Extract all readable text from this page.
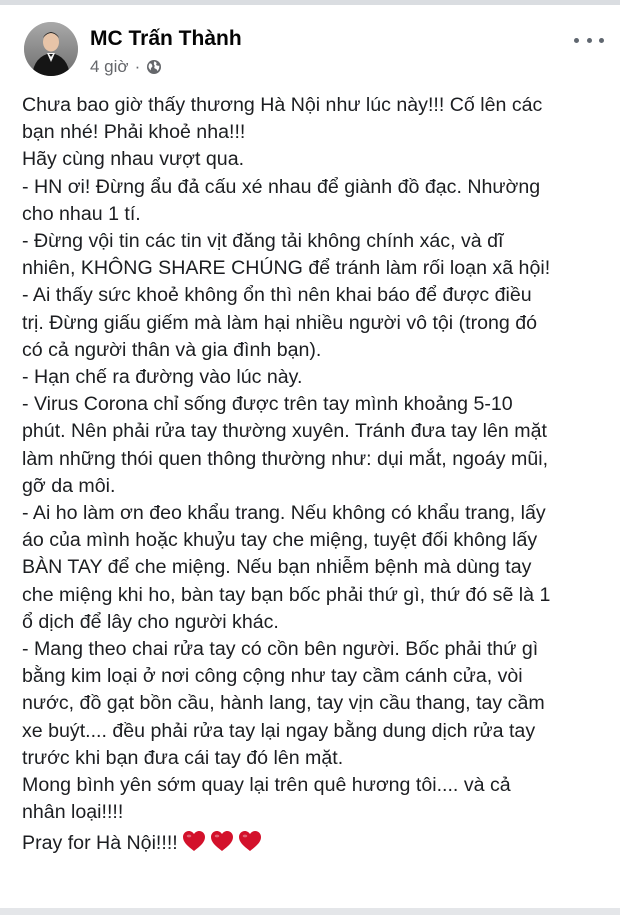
MC Trấn Thành
4 giờ ·

Chưa bao giờ thấy thương Hà Nội như lúc này!!! Cố lên các
bạn nhé! Phải khoẻ nha!!!

Hãy cùng nhau vượt qua.

- HN ơi! Đừng ẩu đả cấu xé nhau để giành đồ đạc. Nhường
cho nhau 1 tí.

- Đừng vội tin các tin vịt đăng tải không chính xác, và dĩ
nhiên, KHÔNG SHARE CHÚNG để tránh làm rối loạn xã hội!

- Ai thấy sức khoẻ không ổn thì nên khai báo để được điều
trị. Đừng giấu giếm mà làm hại nhiều người vô tội (trong đó
có cả người thân và gia đình bạn).

- Hạn chế ra đường vào lúc này.

- Virus Corona chỉ sống được trên tay mình khoảng 5-10
phút. Nên phải rửa tay thường xuyên. Tránh đưa tay lên mặt
làm những thói quen thông thường như: dụi mắt, ngoáy mũi,
gỡ da môi.

- Ai ho làm ơn đeo khẩu trang. Nếu không có khẩu trang, lấy
áo của mình hoặc khuỷu tay che miệng, tuyệt đối không lấy
BÀN TAY để che miệng. Nếu bạn nhiễm bệnh mà dùng tay
che miệng khi ho, bàn tay bạn bốc phải thứ gì, thứ đó sẽ là 1
ổ dịch để lây cho người khác.

- Mang theo chai rửa tay có cồn bên người. Bốc phải thứ gì
bằng kim loại ở nơi công cộng như tay cầm cánh cửa, vòi
nước, đồ gạt bồn cầu, hành lang, tay vịn cầu thang, tay cầm
xe buýt.... đều phải rửa tay lại ngay bằng dung dịch rửa tay
trước khi bạn đưa cái tay đó lên mặt.

Mong bình yên sớm quay lại trên quê hương tôi.... và cả
nhân loại!!!!

Pray for Hà Nội!!!!
